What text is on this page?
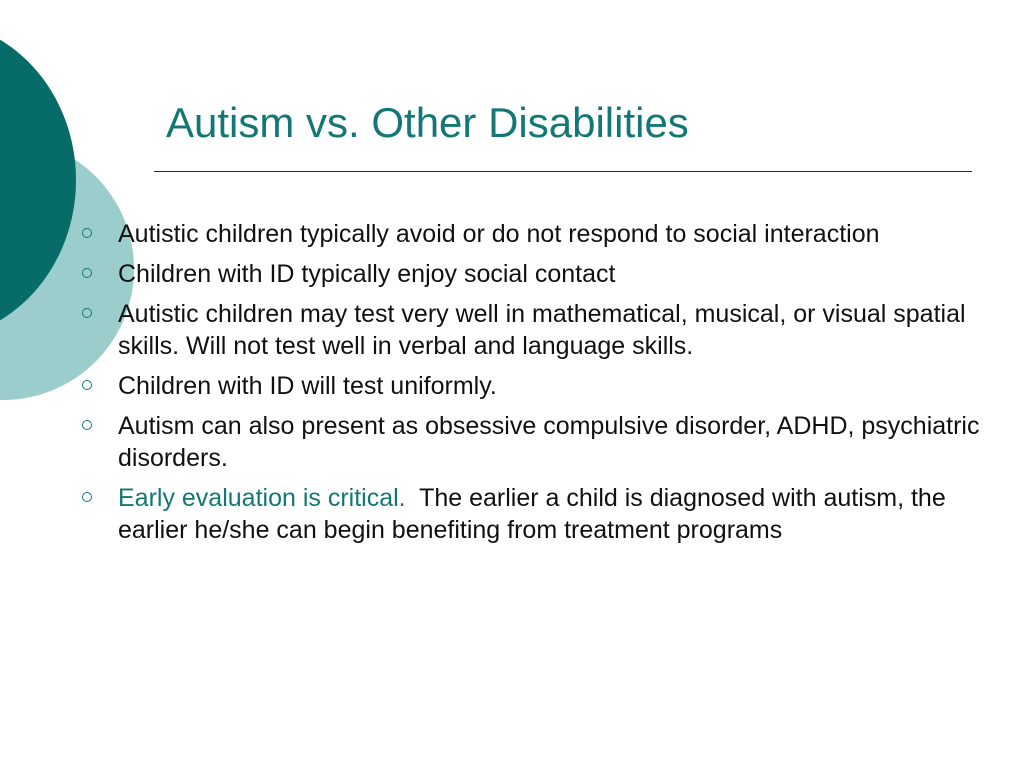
Autism vs. Other Disabilities
Autistic children typically avoid or do not respond to social interaction
Children with ID typically enjoy social contact
Autistic children may test very well in mathematical, musical, or visual spatial skills. Will not test well in verbal and language skills.
Children with ID will test uniformly.
Autism can also present as obsessive compulsive disorder, ADHD, psychiatric disorders.
Early evaluation is critical.  The earlier a child is diagnosed with autism, the earlier he/she can begin benefiting from treatment programs
